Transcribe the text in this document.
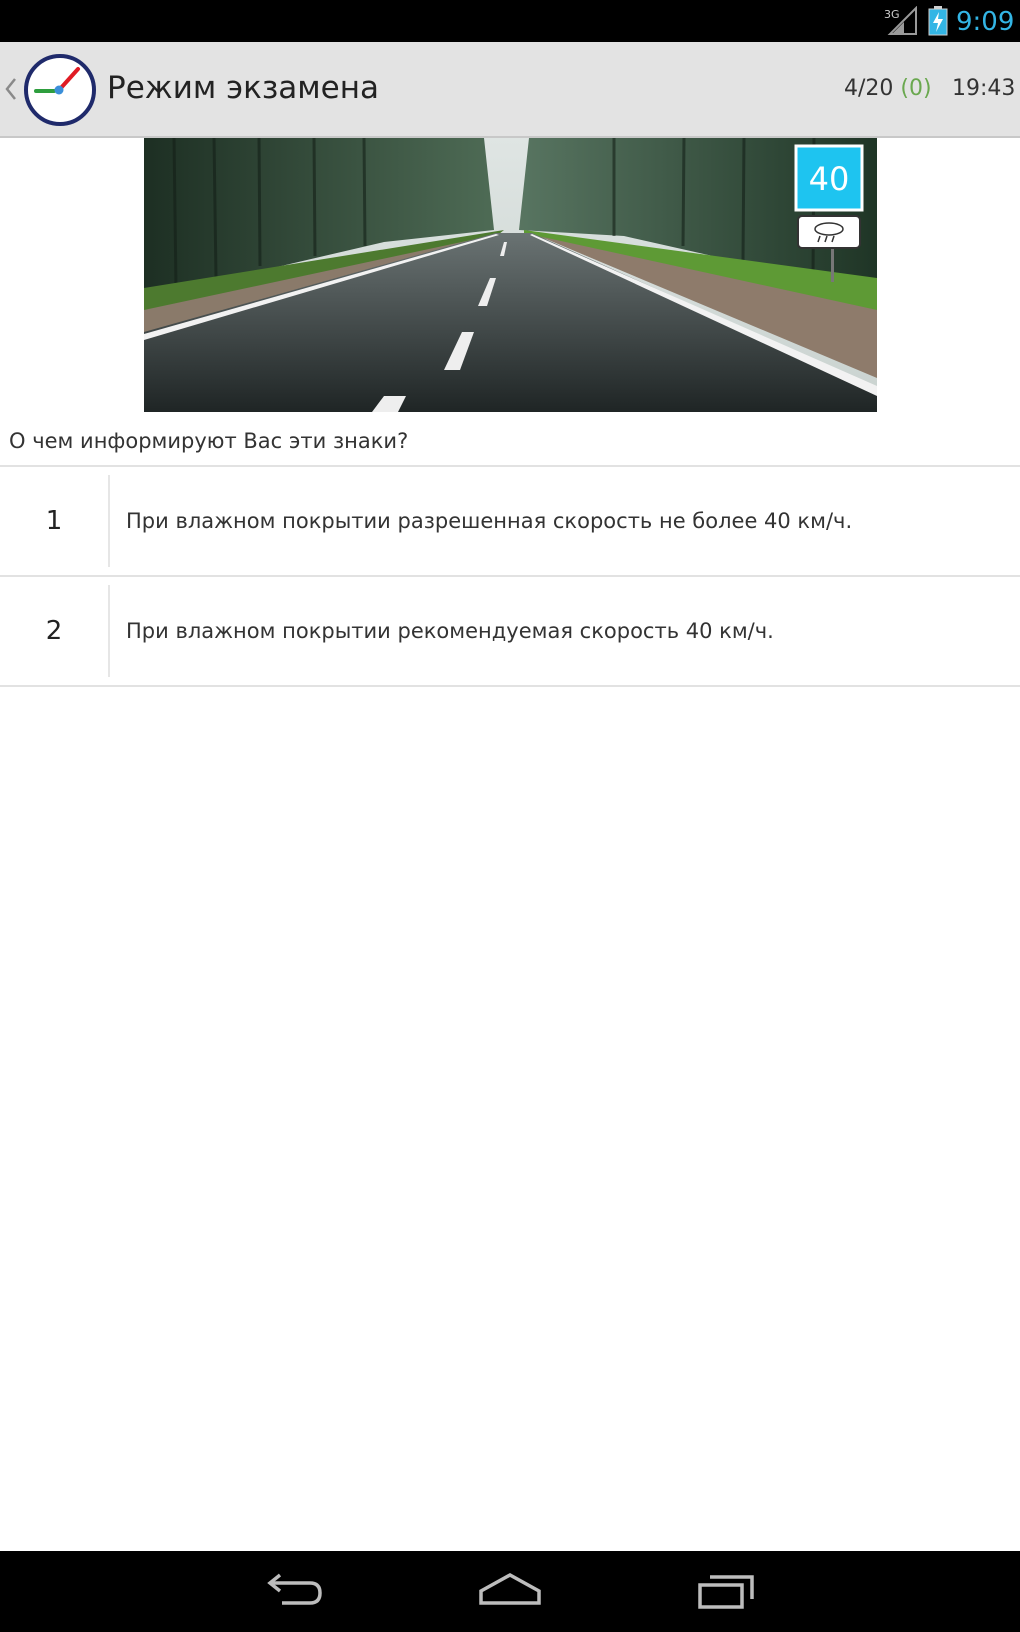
3G 9:09
Режим экзамена	4/20 (0) 19:43
40
О чем информируют Вас эти знаки?
1	При влажном покрытии разрешенная скорость не более 40 км/ч.
2	При влажном покрытии рекомендуемая скорость 40 км/ч.
